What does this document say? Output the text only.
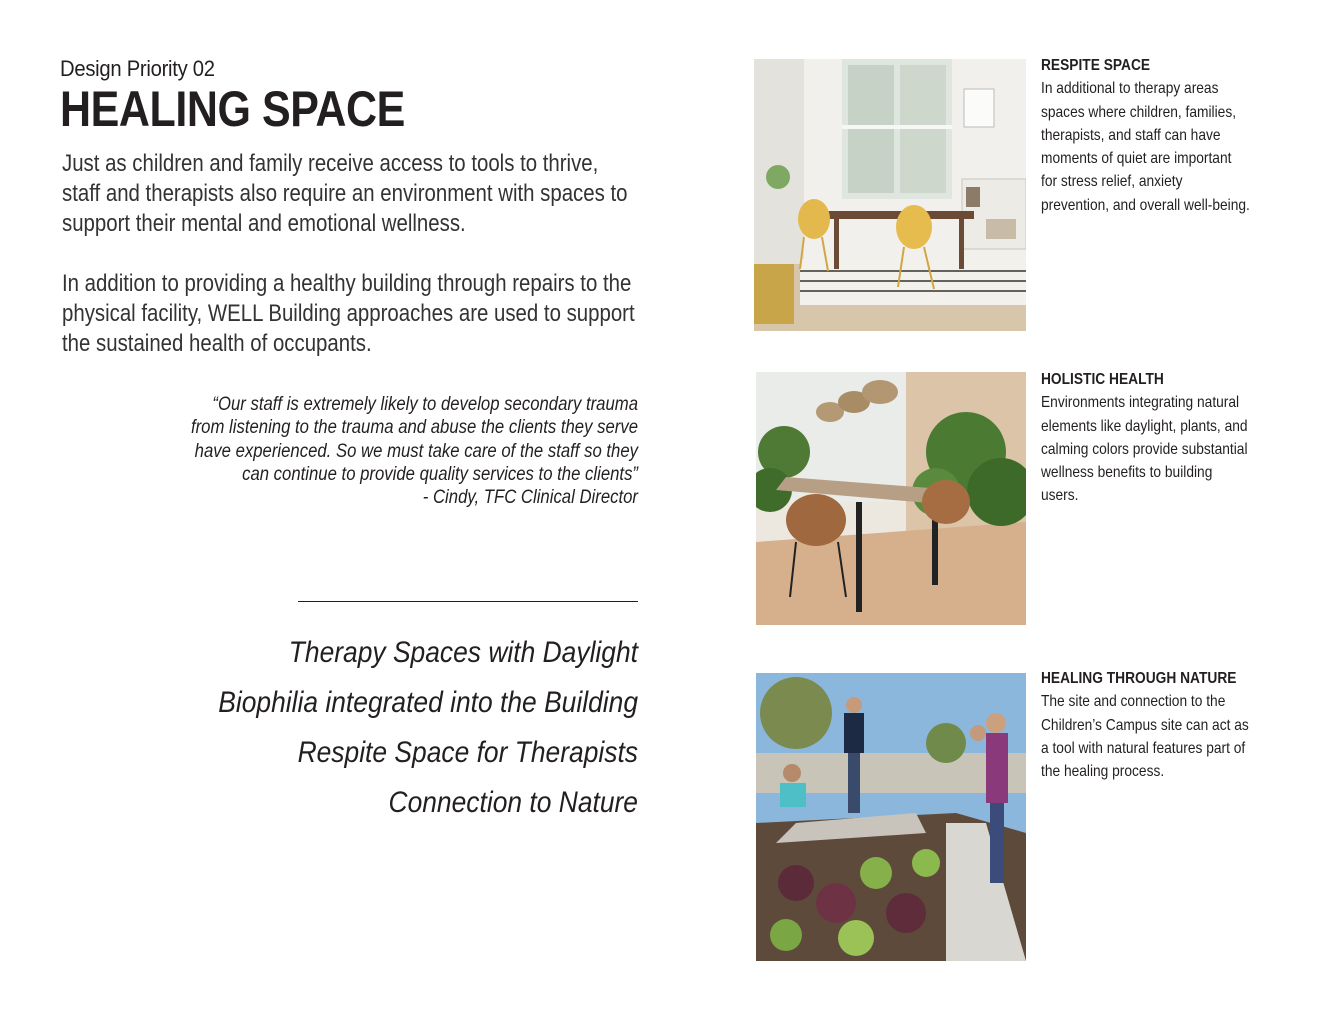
Design Priority 02
HEALING SPACE
Just as children and family receive access to tools to thrive,
staff and therapists also require an environment with spaces to
support their mental and emotional wellness.
In addition to providing a healthy building through repairs to the
physical facility, WELL Building approaches are used to support
the sustained health of occupants.
“Our staff is extremely likely to develop secondary trauma
from listening to the trauma and abuse the clients they serve
have experienced. So we must take care of the staff so they
can continue to provide quality services to the clients”
- Cindy, TFC Clinical Director
Therapy Spaces with Daylight
Biophilia integrated into the Building
Respite Space for Therapists
Connection to Nature
RESPITE SPACE
In additional to therapy areas
spaces where children, families,
therapists, and staff can have
moments of quiet are important
for stress relief, anxiety
prevention, and overall well-being.
HOLISTIC HEALTH
Environments integrating natural
elements like daylight, plants, and
calming colors provide substantial
wellness benefits to building
users.
HEALING THROUGH NATURE
The site and connection to the
Children’s Campus site can act as
a tool with natural features part of
the healing process.
